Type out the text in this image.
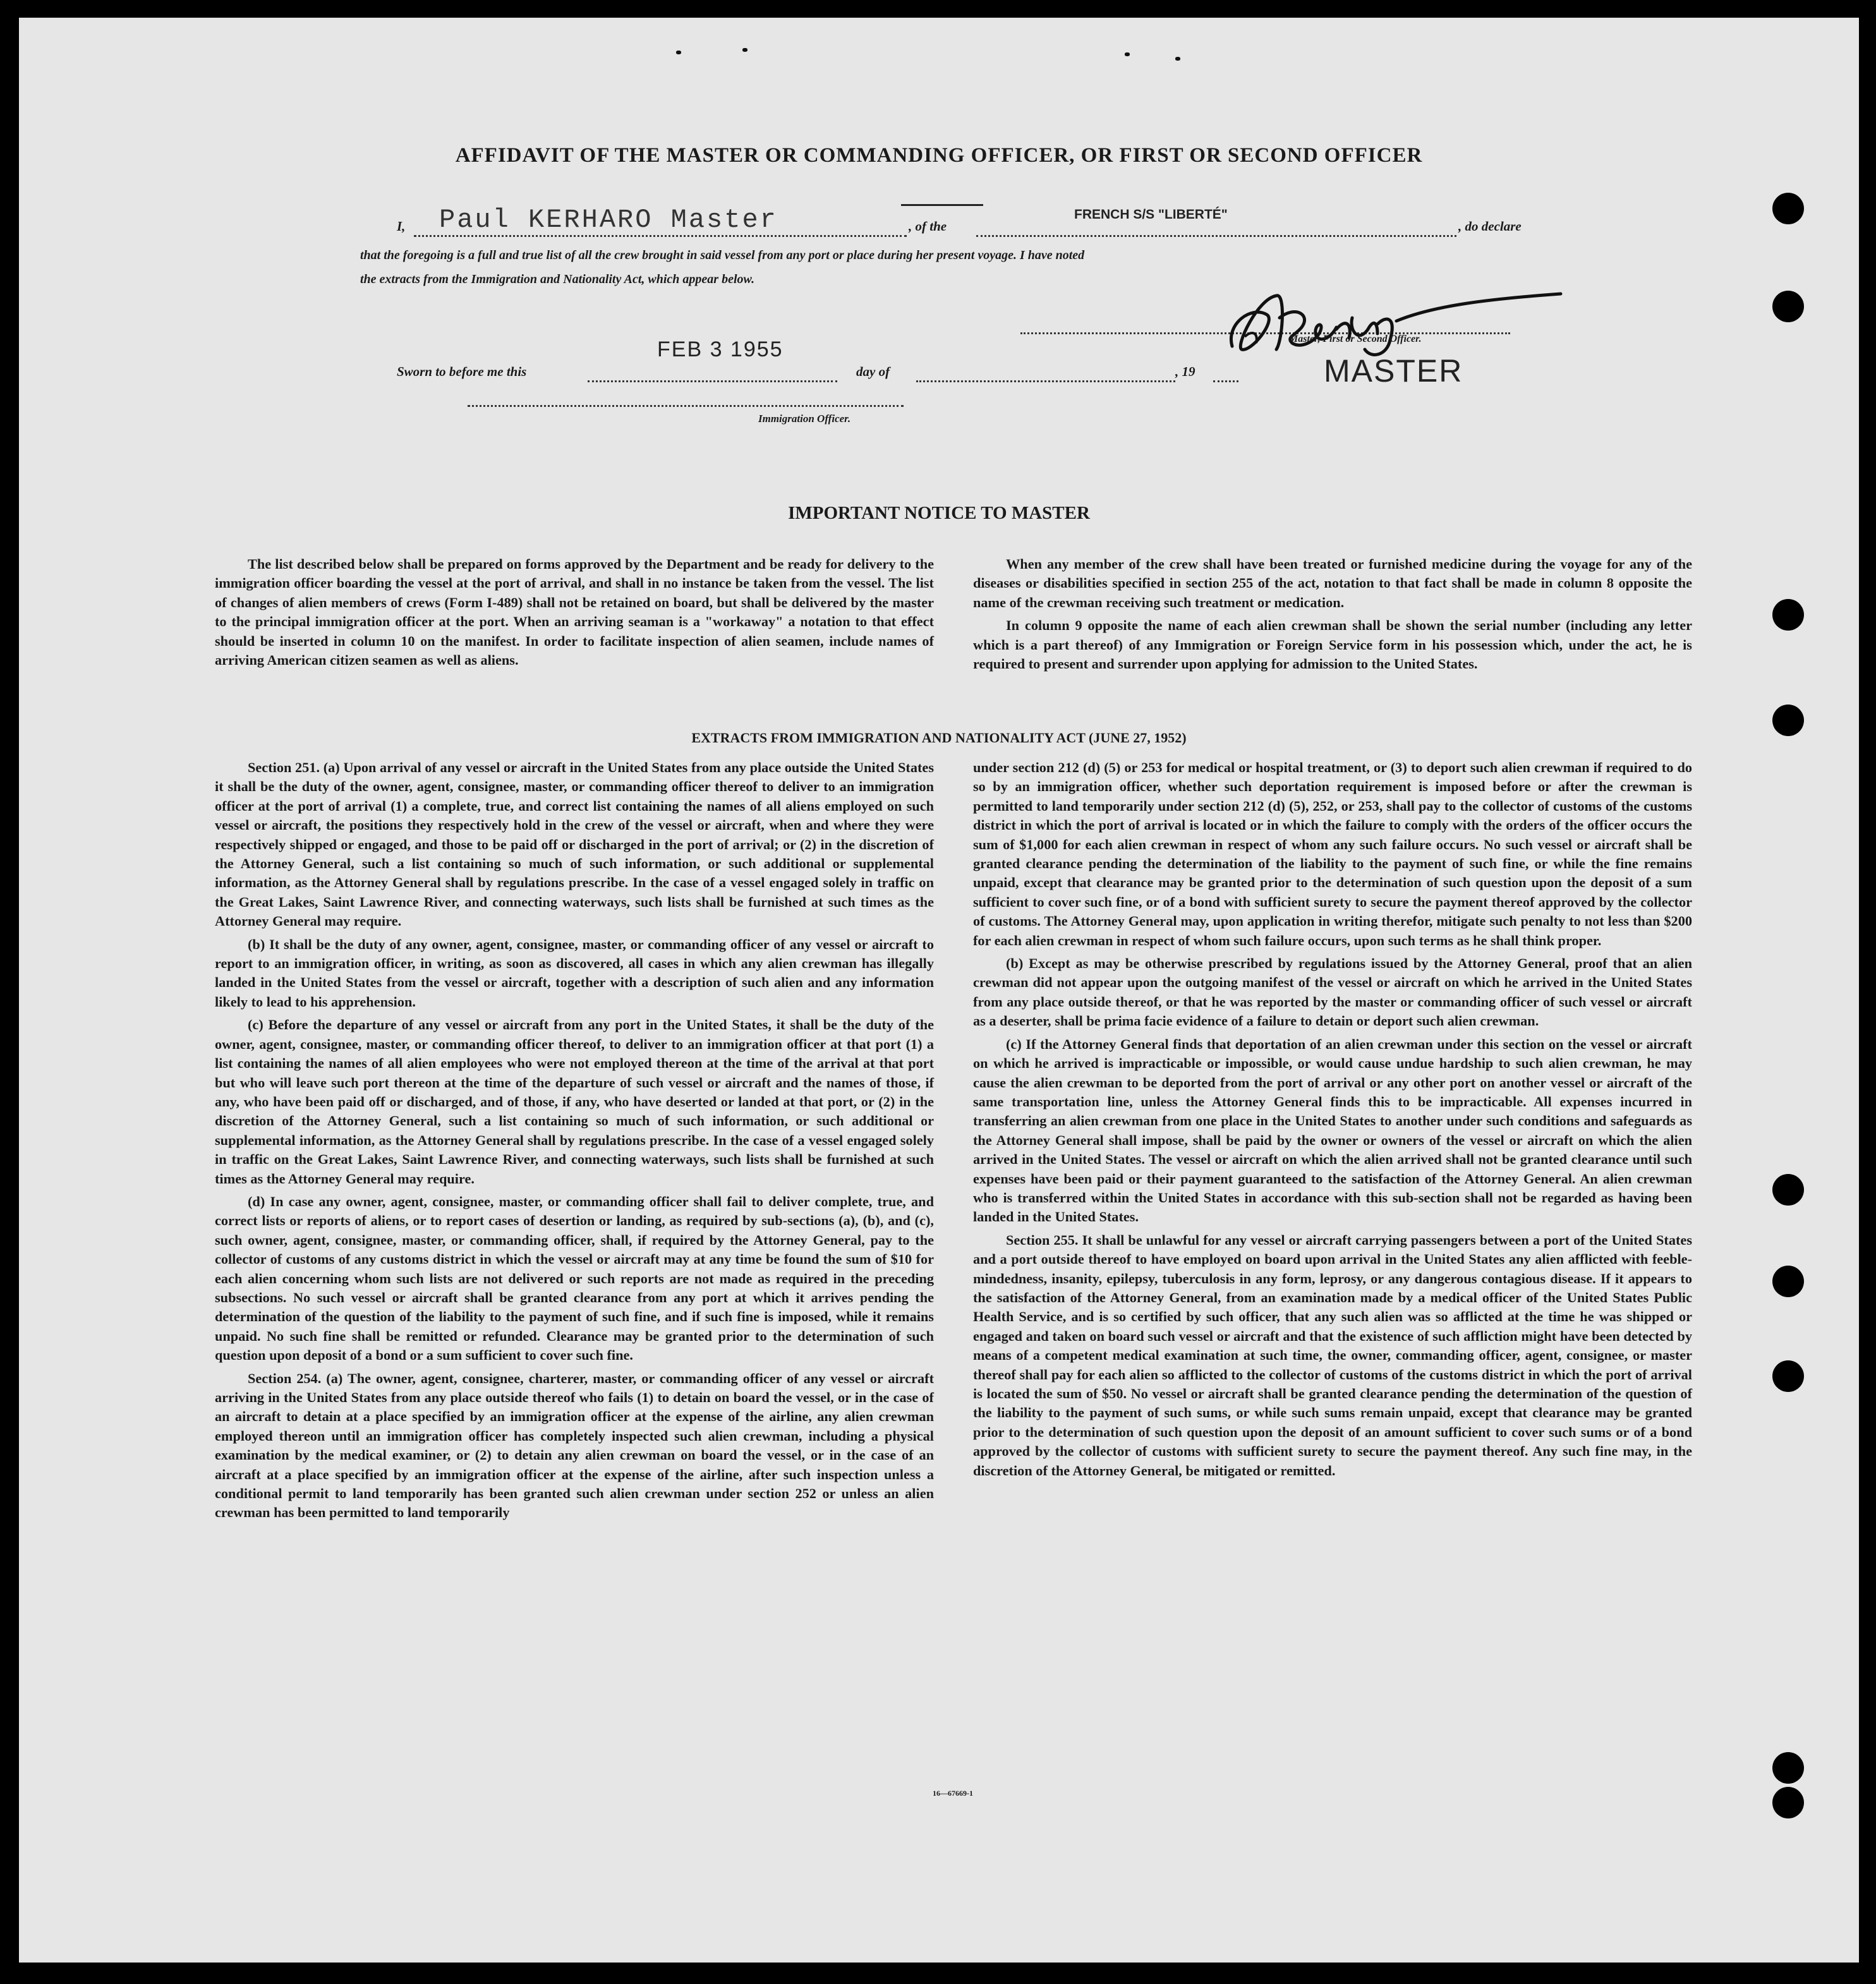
AFFIDAVIT OF THE MASTER OR COMMANDING OFFICER, OR FIRST OR SECOND OFFICER
I, Paul KERHARO Master	, of the
FRENCH S/S "LIBERTÉ"
, do declare
that the foregoing is a full and true list of all the crew brought in said vessel from any port or place during her present voyage. I have noted
the extracts from the Immigration and Nationality Act, which appear below.
Master, First or Second Officer.
MASTER
Sworn to before me this
FEB 3 1955
day of	, 19
Immigration Officer.
IMPORTANT NOTICE TO MASTER

The list described below shall be prepared on forms approved by the Department and be ready for delivery to the immigration officer boarding the vessel at the port of arrival, and shall in no instance be taken from the vessel. The list of changes of alien members of crews (Form I-489) shall not be retained on board, but shall be delivered by the master to the principal immigration officer at the port. When an arriving seaman is a "workaway" a notation to that effect should be inserted in column 10 on the manifest. In order to facilitate inspection of alien seamen, include names of arriving American citizen seamen as well as aliens.

When any member of the crew shall have been treated or furnished medicine during the voyage for any of the diseases or disabilities specified in section 255 of the act, notation to that fact shall be made in column 8 opposite the name of the crewman receiving such treatment or medication.

In column 9 opposite the name of each alien crewman shall be shown the serial number (including any letter which is a part thereof) of any Immigration or Foreign Service form in his possession which, under the act, he is required to present and surrender upon applying for admission to the United States.

EXTRACTS FROM IMMIGRATION AND NATIONALITY ACT (JUNE 27, 1952)

Section 251. (a) Upon arrival of any vessel or aircraft in the United States from any place outside the United States it shall be the duty of the owner, agent, consignee, master, or commanding officer thereof to deliver to an immigration officer at the port of arrival (1) a complete, true, and correct list containing the names of all aliens employed on such vessel or aircraft, the positions they respectively hold in the crew of the vessel or aircraft, when and where they were respectively shipped or engaged, and those to be paid off or discharged in the port of arrival; or (2) in the discretion of the Attorney General, such a list containing so much of such information, or such additional or supplemental information, as the Attorney General shall by regulations prescribe. In the case of a vessel engaged solely in traffic on the Great Lakes, Saint Lawrence River, and connecting waterways, such lists shall be furnished at such times as the Attorney General may require.

(b) It shall be the duty of any owner, agent, consignee, master, or commanding officer of any vessel or aircraft to report to an immigration officer, in writing, as soon as discovered, all cases in which any alien crewman has illegally landed in the United States from the vessel or aircraft, together with a description of such alien and any information likely to lead to his apprehension.

(c) Before the departure of any vessel or aircraft from any port in the United States, it shall be the duty of the owner, agent, consignee, master, or commanding officer thereof, to deliver to an immigration officer at that port (1) a list containing the names of all alien employees who were not employed thereon at the time of the arrival at that port but who will leave such port thereon at the time of the departure of such vessel or aircraft and the names of those, if any, who have been paid off or discharged, and of those, if any, who have deserted or landed at that port, or (2) in the discretion of the Attorney General, such a list containing so much of such information, or such additional or supplemental information, as the Attorney General shall by regulations prescribe. In the case of a vessel engaged solely in traffic on the Great Lakes, Saint Lawrence River, and connecting waterways, such lists shall be furnished at such times as the Attorney General may require.

(d) In case any owner, agent, consignee, master, or commanding officer shall fail to deliver complete, true, and correct lists or reports of aliens, or to report cases of desertion or landing, as required by sub-sections (a), (b), and (c), such owner, agent, consignee, master, or commanding officer, shall, if required by the Attorney General, pay to the collector of customs of any customs district in which the vessel or aircraft may at any time be found the sum of $10 for each alien concerning whom such lists are not delivered or such reports are not made as required in the preceding subsections. No such vessel or aircraft shall be granted clearance from any port at which it arrives pending the determination of the question of the liability to the payment of such fine, and if such fine is imposed, while it remains unpaid. No such fine shall be remitted or refunded. Clearance may be granted prior to the determination of such question upon deposit of a bond or a sum sufficient to cover such fine.

Section 254. (a) The owner, agent, consignee, charterer, master, or commanding officer of any vessel or aircraft arriving in the United States from any place outside thereof who fails (1) to detain on board the vessel, or in the case of an aircraft to detain at a place specified by an immigration officer at the expense of the airline, any alien crewman employed thereon until an immigration officer has completely inspected such alien crewman, including a physical examination by the medical examiner, or (2) to detain any alien crewman on board the vessel, or in the case of an aircraft at a place specified by an immigration officer at the expense of the airline, after such inspection unless a conditional permit to land temporarily has been granted such alien crewman under section 252 or unless an alien crewman has been permitted to land temporarily

under section 212 (d) (5) or 253 for medical or hospital treatment, or (3) to deport such alien crewman if required to do so by an immigration officer, whether such deportation requirement is imposed before or after the crewman is permitted to land temporarily under section 212 (d) (5), 252, or 253, shall pay to the collector of customs of the customs district in which the port of arrival is located or in which the failure to comply with the orders of the officer occurs the sum of $1,000 for each alien crewman in respect of whom any such failure occurs. No such vessel or aircraft shall be granted clearance pending the determination of the liability to the payment of such fine, or while the fine remains unpaid, except that clearance may be granted prior to the determination of such question upon the deposit of a sum sufficient to cover such fine, or of a bond with sufficient surety to secure the payment thereof approved by the collector of customs. The Attorney General may, upon application in writing therefor, mitigate such penalty to not less than $200 for each alien crewman in respect of whom such failure occurs, upon such terms as he shall think proper.

(b) Except as may be otherwise prescribed by regulations issued by the Attorney General, proof that an alien crewman did not appear upon the outgoing manifest of the vessel or aircraft on which he arrived in the United States from any place outside thereof, or that he was reported by the master or commanding officer of such vessel or aircraft as a deserter, shall be prima facie evidence of a failure to detain or deport such alien crewman.

(c) If the Attorney General finds that deportation of an alien crewman under this section on the vessel or aircraft on which he arrived is impracticable or impossible, or would cause undue hardship to such alien crewman, he may cause the alien crewman to be deported from the port of arrival or any other port on another vessel or aircraft of the same transportation line, unless the Attorney General finds this to be impracticable. All expenses incurred in transferring an alien crewman from one place in the United States to another under such conditions and safeguards as the Attorney General shall impose, shall be paid by the owner or owners of the vessel or aircraft on which the alien arrived in the United States. The vessel or aircraft on which the alien arrived shall not be granted clearance until such expenses have been paid or their payment guaranteed to the satisfaction of the Attorney General. An alien crewman who is transferred within the United States in accordance with this sub-section shall not be regarded as having been landed in the United States.

Section 255. It shall be unlawful for any vessel or aircraft carrying passengers between a port of the United States and a port outside thereof to have employed on board upon arrival in the United States any alien afflicted with feeble-mindedness, insanity, epilepsy, tuberculosis in any form, leprosy, or any dangerous contagious disease. If it appears to the satisfaction of the Attorney General, from an examination made by a medical officer of the United States Public Health Service, and is so certified by such officer, that any such alien was so afflicted at the time he was shipped or engaged and taken on board such vessel or aircraft and that the existence of such affliction might have been detected by means of a competent medical examination at such time, the owner, commanding officer, agent, consignee, or master thereof shall pay for each alien so afflicted to the collector of customs of the customs district in which the port of arrival is located the sum of $50. No vessel or aircraft shall be granted clearance pending the determination of the question of the liability to the payment of such sums, or while such sums remain unpaid, except that clearance may be granted prior to the determination of such question upon the deposit of an amount sufficient to cover such sums or of a bond approved by the collector of customs with sufficient surety to secure the payment thereof. Any such fine may, in the discretion of the Attorney General, be mitigated or remitted.

16—67669-1
